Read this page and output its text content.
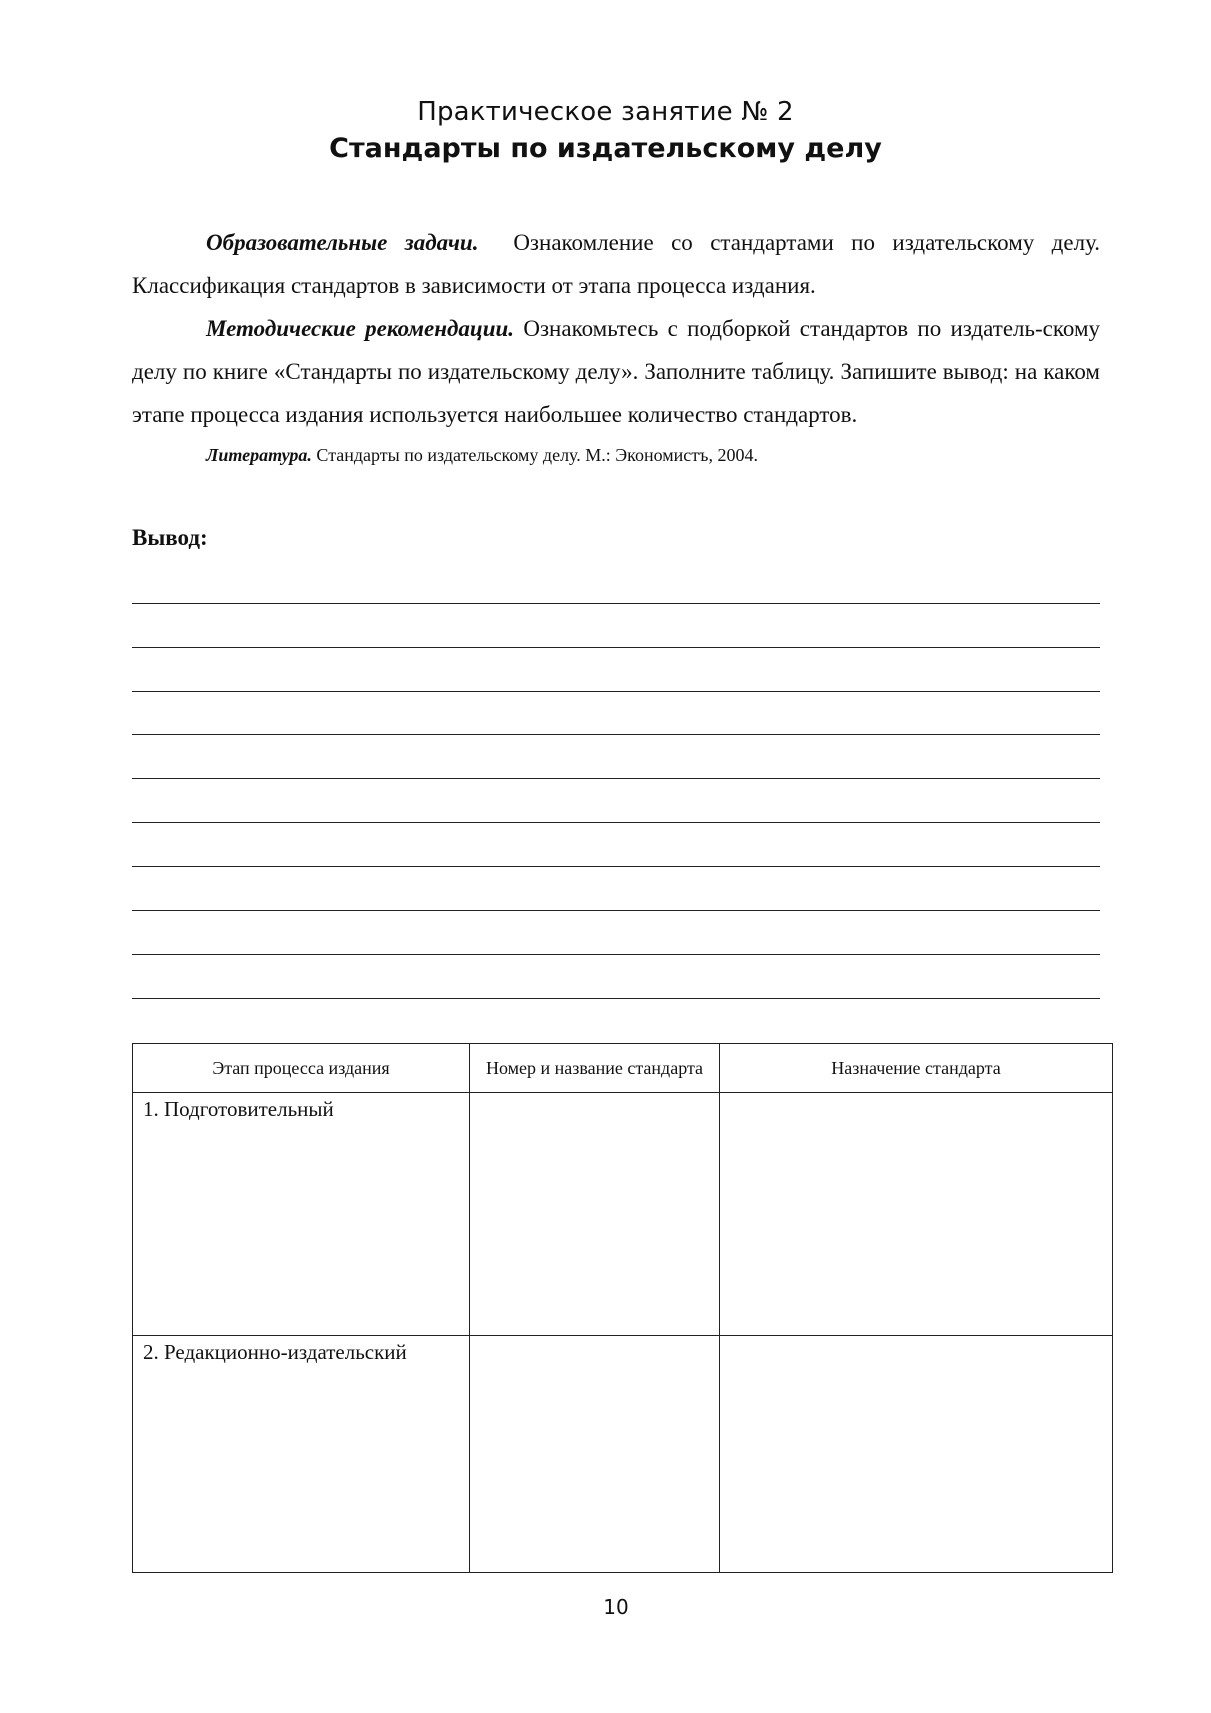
Практическое занятие № 2
Стандарты по издательскому делу

Образовательные задачи. Ознакомление со стандартами по издательскому делу. Классификация стандартов в зависимости от этапа процесса издания.

Методические рекомендации. Ознакомьтесь с подборкой стандартов по издатель-скому делу по книге «Стандарты по издательскому делу». Заполните таблицу. Запишите вывод: на каком этапе процесса издания используется наибольшее количество стандартов.

Литература. Стандарты по издательскому делу. М.: Экономистъ, 2004.

Вывод:

Этап процесса издания	Номер и название стандарта	Назначение стандарта

1. Подготовительный		

2. Редакционно-издательский		

10
